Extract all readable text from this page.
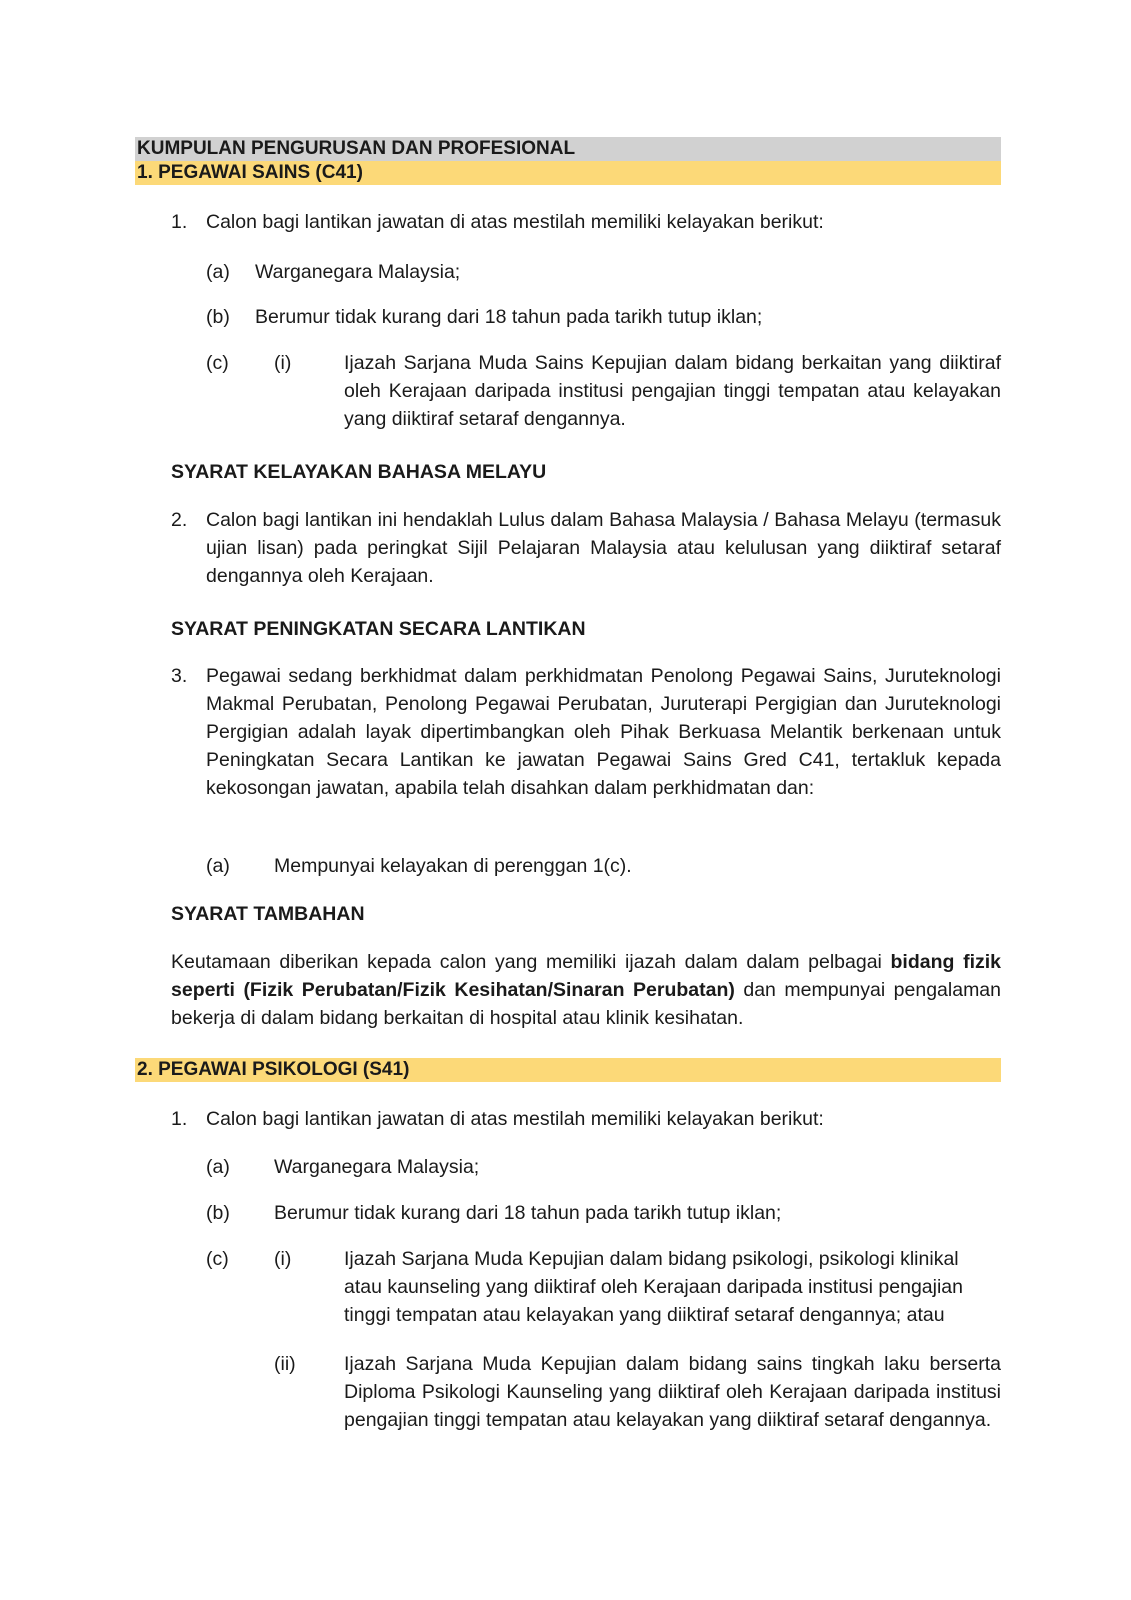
KUMPULAN PENGURUSAN DAN PROFESIONAL
1. PEGAWAI SAINS (C41)
1. Calon bagi lantikan jawatan di atas mestilah memiliki kelayakan berikut:
(a) Warganegara Malaysia;
(b) Berumur tidak kurang dari 18 tahun pada tarikh tutup iklan;
(c) (i)	Ijazah Sarjana Muda Sains Kepujian dalam bidang berkaitan yang diiktiraf oleh Kerajaan daripada institusi pengajian tinggi tempatan atau kelayakan yang diiktiraf setaraf dengannya.
SYARAT KELAYAKAN BAHASA MELAYU
2. Calon bagi lantikan ini hendaklah Lulus dalam Bahasa Malaysia / Bahasa Melayu (termasuk ujian lisan) pada peringkat Sijil Pelajaran Malaysia atau kelulusan yang diiktiraf setaraf dengannya oleh Kerajaan.
SYARAT PENINGKATAN SECARA LANTIKAN
3. Pegawai sedang berkhidmat dalam perkhidmatan Penolong Pegawai Sains, Juruteknologi Makmal Perubatan, Penolong Pegawai Perubatan, Juruterapi Pergigian dan Juruteknologi Pergigian adalah layak dipertimbangkan oleh Pihak Berkuasa Melantik berkenaan untuk Peningkatan Secara Lantikan ke jawatan Pegawai Sains Gred C41, tertakluk kepada kekosongan jawatan, apabila telah disahkan dalam perkhidmatan dan:
(a) Mempunyai kelayakan di perenggan 1(c).
SYARAT TAMBAHAN
Keutamaan diberikan kepada calon yang memiliki ijazah dalam dalam pelbagai bidang fizik seperti (Fizik Perubatan/Fizik Kesihatan/Sinaran Perubatan) dan mempunyai pengalaman bekerja di dalam bidang berkaitan di hospital atau klinik kesihatan.
2. PEGAWAI PSIKOLOGI (S41)
1. Calon bagi lantikan jawatan di atas mestilah memiliki kelayakan berikut:
(a) Warganegara Malaysia;
(b) Berumur tidak kurang dari 18 tahun pada tarikh tutup iklan;
(c) (i)	Ijazah Sarjana Muda Kepujian dalam bidang psikologi, psikologi klinikal atau kaunseling yang diiktiraf oleh Kerajaan daripada institusi pengajian tinggi tempatan atau kelayakan yang diiktiraf setaraf dengannya; atau
(ii) Ijazah Sarjana Muda Kepujian dalam bidang sains tingkah laku berserta Diploma Psikologi Kaunseling yang diiktiraf oleh Kerajaan daripada institusi pengajian tinggi tempatan atau kelayakan yang diiktiraf setaraf dengannya.
